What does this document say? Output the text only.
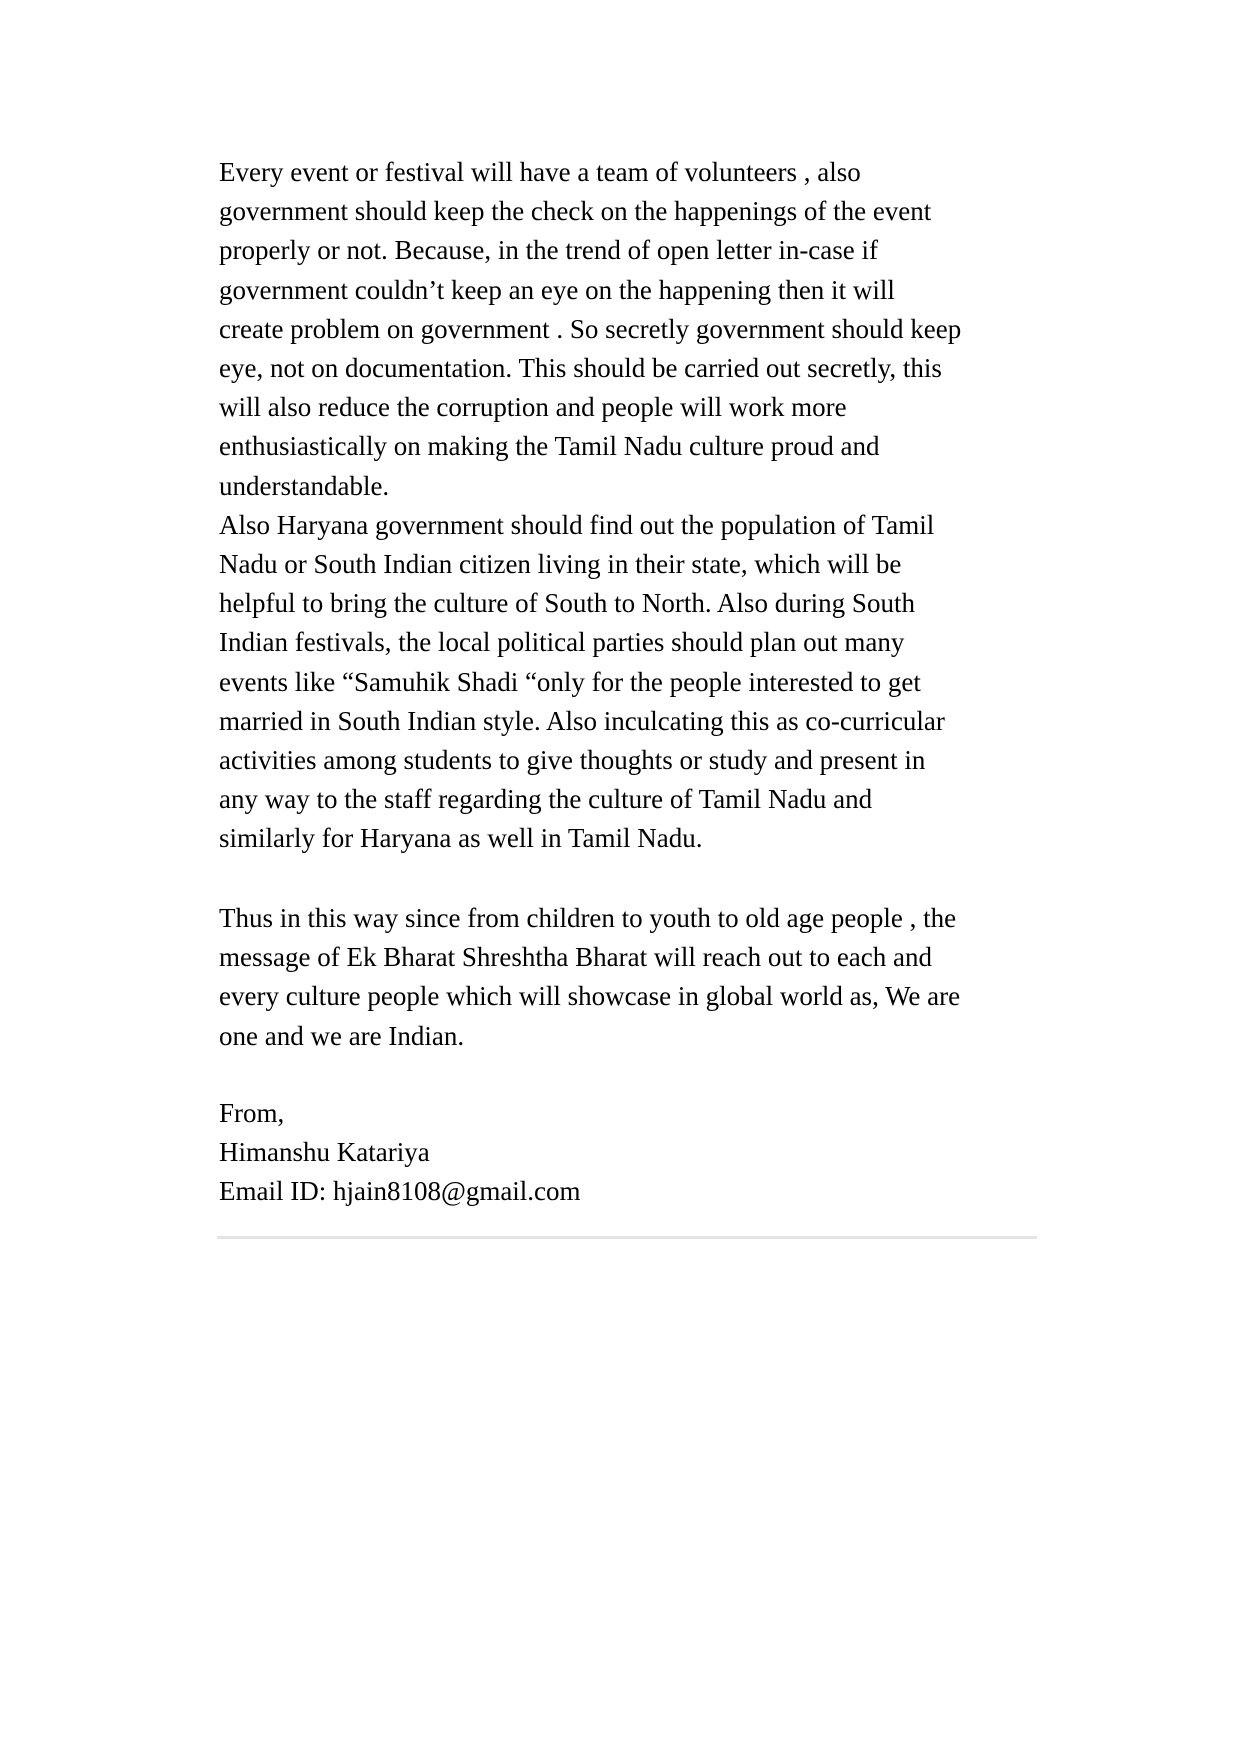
Every event or festival will have a team of volunteers , also
government should keep the check on the happenings of the event
properly or not. Because, in the trend of open letter in-case if
government couldn’t keep an eye on the happening then it will
create problem on government . So secretly government should keep
eye, not on documentation. This should be carried out secretly, this
will also reduce the corruption and people will work more
enthusiastically on making the Tamil Nadu culture proud and
understandable.
Also Haryana government should find out the population of Tamil
Nadu or South Indian citizen living in their state, which will be
helpful to bring the culture of South to North. Also during South
Indian festivals, the local political parties should plan out many
events like “Samuhik Shadi “only for the people interested to get
married in South Indian style. Also inculcating this as co-curricular
activities among students to give thoughts or study and present in
any way to the staff regarding the culture of Tamil Nadu and
similarly for Haryana as well in Tamil Nadu.
Thus in this way since from children to youth to old age people , the
message of Ek Bharat Shreshtha Bharat will reach out to each and
every culture people which will showcase in global world as, We are
one and we are Indian.
From,
Himanshu Katariya
Email ID: hjain8108@gmail.com
